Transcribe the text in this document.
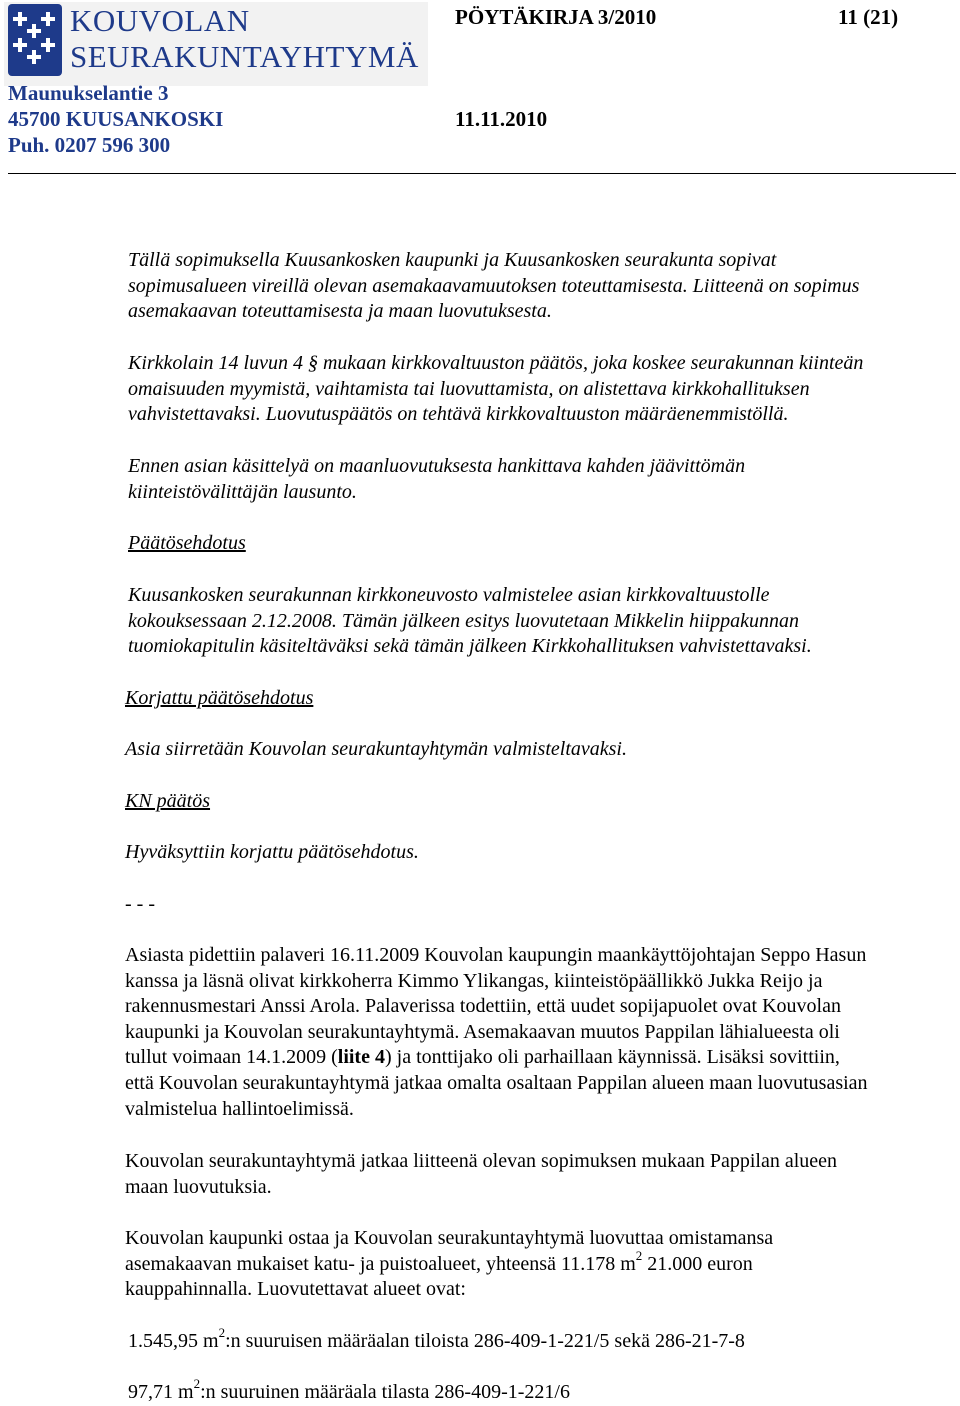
KOUVOLAN
SEURAKUNTAYHTYMÄ
PÖYTÄKIRJA 3/2010	11 (21)
Maunukselantie 3
45700 KUUSANKOSKI	11.11.2010
Puh. 0207 596 300
Tällä sopimuksella Kuusankosken kaupunki ja Kuusankosken seurakunta sopivat
sopimusalueen vireillä olevan asemakaavamuutoksen toteuttamisesta. Liitteenä on sopimus
asemakaavan toteuttamisesta ja maan luovutuksesta.
Kirkkolain 14 luvun 4 § mukaan kirkkovaltuuston päätös, joka koskee seurakunnan kiinteän
omaisuuden myymistä, vaihtamista tai luovuttamista, on alistettava kirkkohallituksen
vahvistettavaksi. Luovutuspäätös on tehtävä kirkkovaltuuston määräenemmistöllä.
Ennen asian käsittelyä on maanluovutuksesta hankittava kahden jäävittömän
kiinteistövälittäjän lausunto.
Päätösehdotus
Kuusankosken seurakunnan kirkkoneuvosto valmistelee asian kirkkovaltuustolle
kokouksessaan 2.12.2008. Tämän jälkeen esitys luovutetaan Mikkelin hiippakunnan
tuomiokapitulin käsiteltäväksi sekä tämän jälkeen Kirkkohallituksen vahvistettavaksi.
Korjattu päätösehdotus
Asia siirretään Kouvolan seurakuntayhtymän valmisteltavaksi.
KN päätös
Hyväksyttiin korjattu päätösehdotus.
- - -
Asiasta pidettiin palaveri 16.11.2009 Kouvolan kaupungin maankäyttöjohtajan Seppo Hasun
kanssa ja läsnä olivat kirkkoherra Kimmo Ylikangas, kiinteistöpäällikkö Jukka Reijo ja
rakennusmestari Anssi Arola. Palaverissa todettiin, että uudet sopijapuolet ovat Kouvolan
kaupunki ja Kouvolan seurakuntayhtymä. Asemakaavan muutos Pappilan lähialueesta oli
tullut voimaan 14.1.2009 (liite 4) ja tonttijako oli parhaillaan käynnissä. Lisäksi sovittiin,
että Kouvolan seurakuntayhtymä jatkaa omalta osaltaan Pappilan alueen maan luovutusasian
valmistelua hallintoelimissä.
Kouvolan seurakuntayhtymä jatkaa liitteenä olevan sopimuksen mukaan Pappilan alueen
maan luovutuksia.
Kouvolan kaupunki ostaa ja Kouvolan seurakuntayhtymä luovuttaa omistamansa
asemakaavan mukaiset katu- ja puistoalueet, yhteensä 11.178 $m^2$ 21.000 euron
kauppahinnalla. Luovutettavat alueet ovat:
1.545,95 $m^2:n$ suuruisen määräalan tiloista 286-409-1-221/5 sekä 286-21-7-8
97,71 $m^2:n$ suuruinen määräala tilasta 286-409-1-221/6
